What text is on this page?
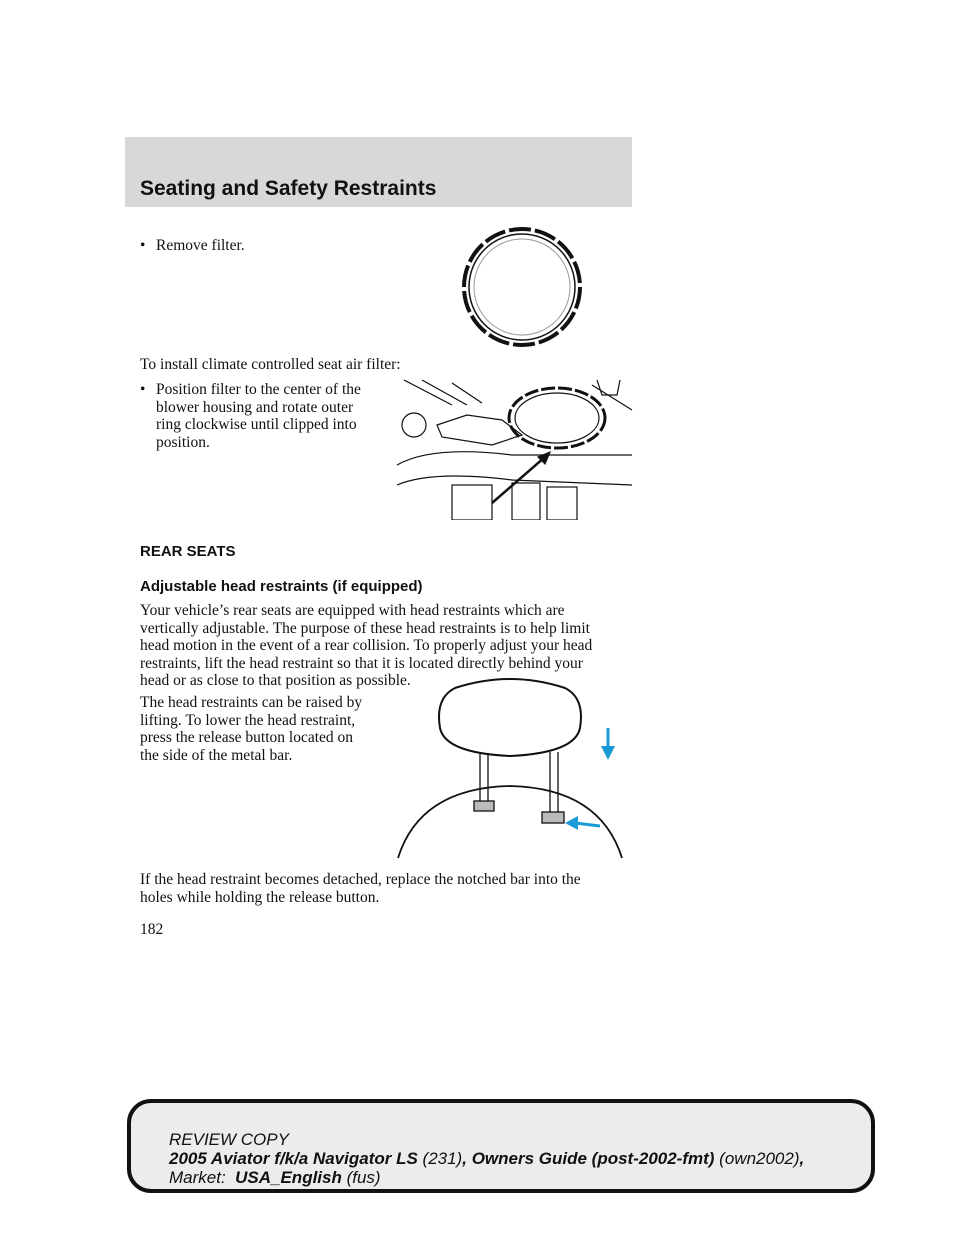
Seating and Safety Restraints
• Remove filter.
To install climate controlled seat air filter:
• Position filter to the center of the
blower housing and rotate outer
ring clockwise until clipped into
position.
REAR SEATS
Adjustable head restraints (if equipped)
Your vehicle’s rear seats are equipped with head restraints which are
vertically adjustable. The purpose of these head restraints is to help limit
head motion in the event of a rear collision. To properly adjust your head
restraints, lift the head restraint so that it is located directly behind your
head or as close to that position as possible.
The head restraints can be raised by
lifting. To lower the head restraint,
press the release button located on
the side of the metal bar.
If the head restraint becomes detached, replace the notched bar into the
holes while holding the release button.
182
REVIEW COPY
2005 Aviator f/k/a Navigator LS (231), Owners Guide (post-2002-fmt) (own2002),
Market:  USA_English (fus)
